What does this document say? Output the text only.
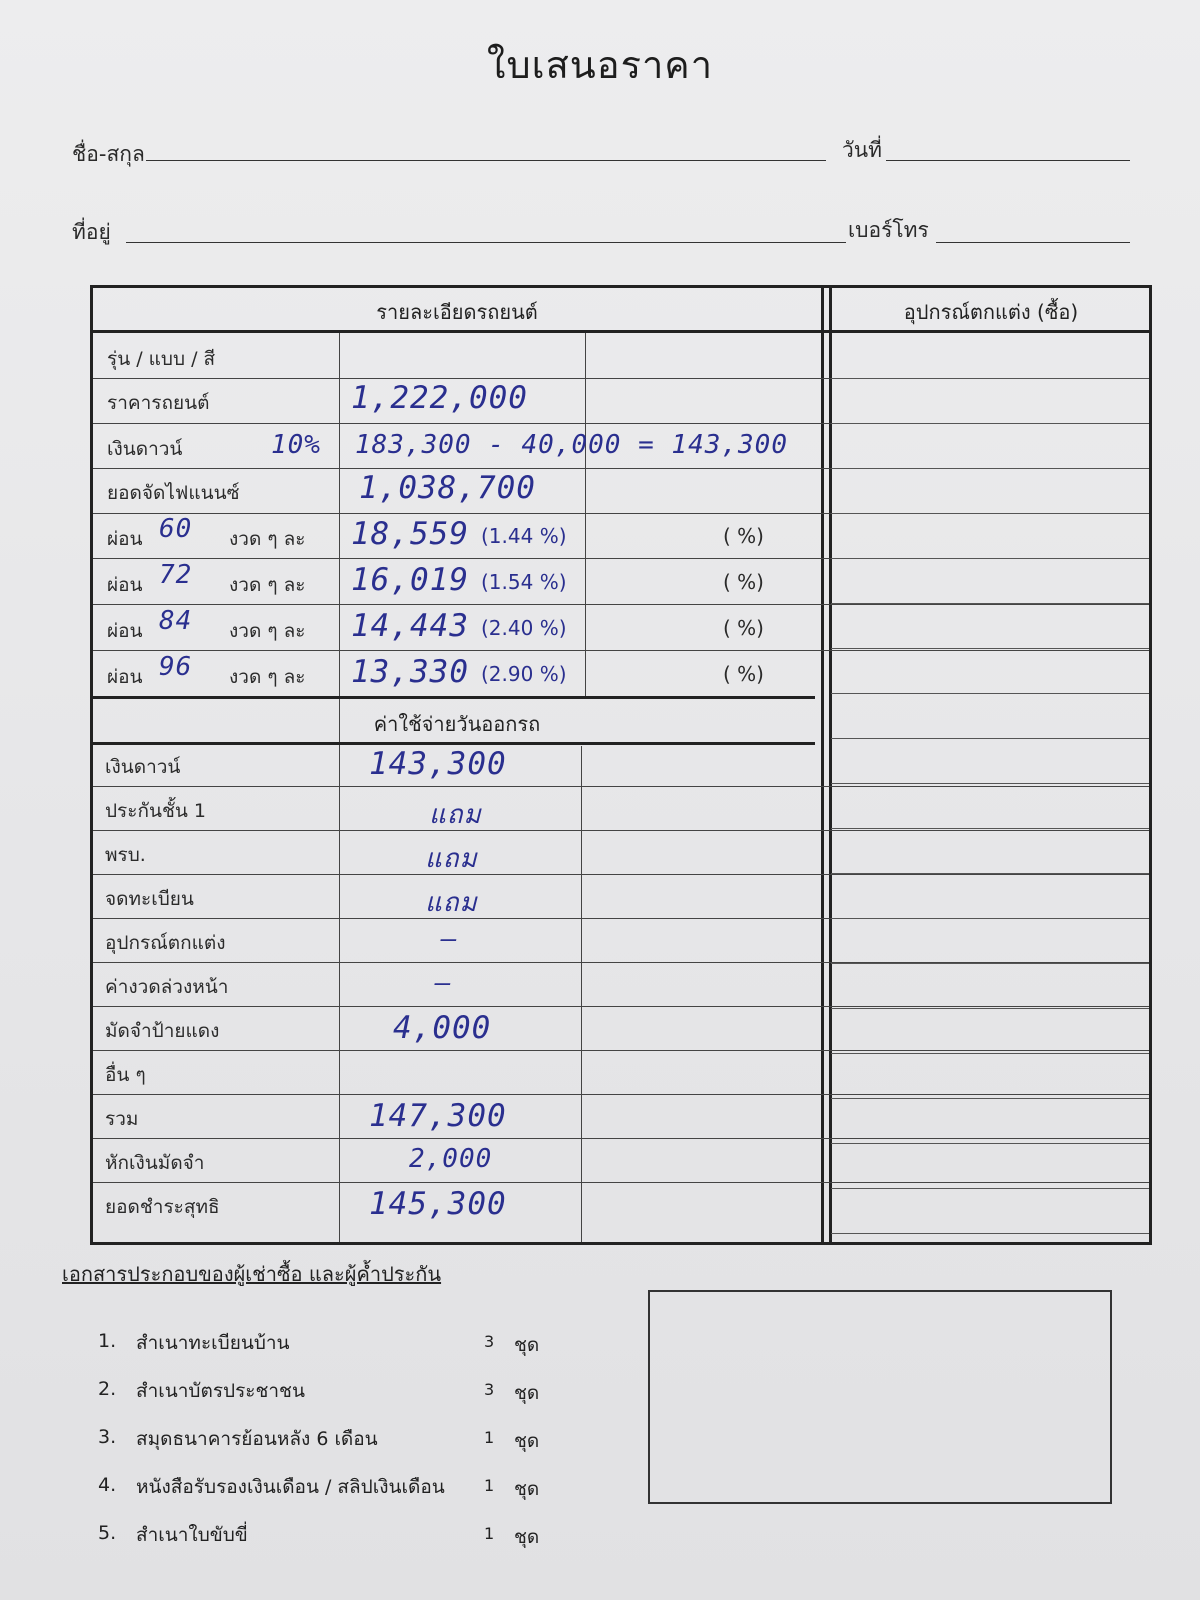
ใบเสนอราคา
ชื่อ-สกุล	วันที่
ที่อยู่	เบอร์โทร
รายละเอียดรถยนต์	อุปกรณ์ตกแต่ง (ซื้อ)
รุ่น / แบบ / สี
ราคารถยนต์	1,222,000
เงินดาวน์	10% 183,300 - 40,000 = 143,300
ยอดจัดไฟแนนซ์	1,038,700
ผ่อน 60 งวด ๆ ละ 18,559 (1.44 %)	( %)
ผ่อน 72 งวด ๆ ละ 16,019 (1.54 %)	( %)
ผ่อน 84 งวด ๆ ละ 14,443 (2.40 %)	( %)
ผ่อน 96 งวด ๆ ละ 13,330 (2.90 %)	( %)
ค่าใช้จ่ายวันออกรถ
เงินดาวน์	143,300
ประกันชั้น 1	แถม
พรบ.	แถม
จดทะเบียน	แถม
อุปกรณ์ตกแต่ง	—
ค่างวดล่วงหน้า	—
มัดจำป้ายแดง	4,000
อื่น ๆ
รวม	147,300
หักเงินมัดจำ	2,000
ยอดชำระสุทธิ	145,300
เอกสารประกอบของผู้เช่าซื้อ และผู้ค้ำประกัน
1. สำเนาทะเบียนบ้าน	3 ชุด
2. สำเนาบัตรประชาชน	3 ชุด
3. สมุดธนาคารย้อนหลัง 6 เดือน	1 ชุด
4. หนังสือรับรองเงินเดือน / สลิปเงินเดือน 1 ชุด
5. สำเนาใบขับขี่	1 ชุด
